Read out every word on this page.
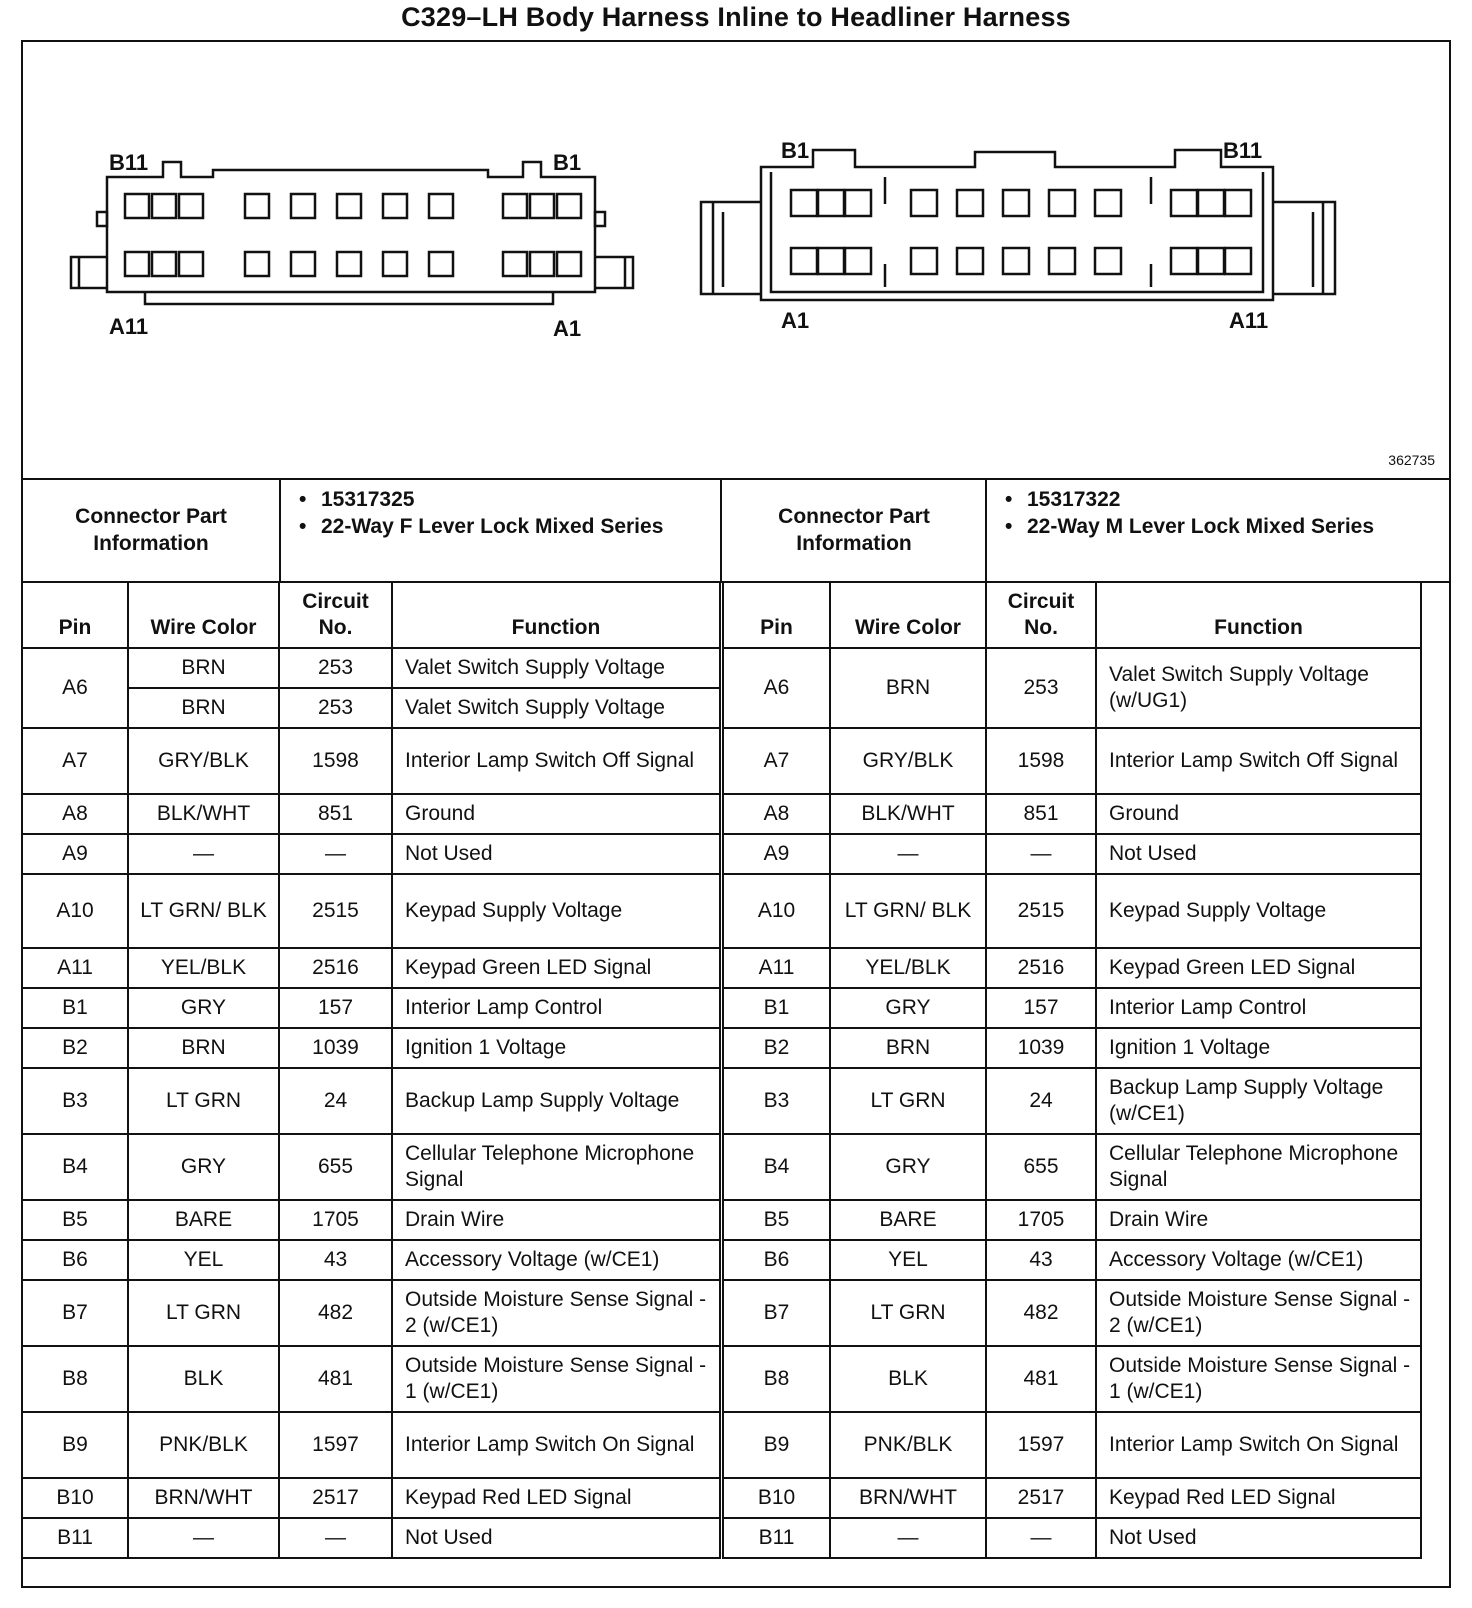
C329–LH Body Harness Inline to Headliner Harness
B11	B1
A11	A1
B1	B11
A1	A11
362735
Connector Part Information
• 15317325
• 22-Way F Lever Lock Mixed Series	Connector Part Information
• 15317322
• 22-Way M Lever Lock Mixed Series
Pin	Wire Color	Circuit No.	Function
A6	BRN	253	Valet Switch Supply Voltage
	BRN	253	Valet Switch Supply Voltage
A7	GRY/BLK	1598	Interior Lamp Switch Off Signal
A8	BLK/WHT	851	Ground
A9	—	—	Not Used
A10	LT GRN/ BLK	2515	Keypad Supply Voltage
A11	YEL/BLK	2516	Keypad Green LED Signal
B1	GRY	157	Interior Lamp Control
B2	BRN	1039	Ignition 1 Voltage
B3	LT GRN	24	Backup Lamp Supply Voltage
B4	GRY	655	Cellular Telephone Microphone Signal
B5	BARE	1705	Drain Wire
B6	YEL	43	Accessory Voltage (w/CE1)
B7	LT GRN	482	Outside Moisture Sense Signal - 2 (w/CE1)
B8	BLK	481	Outside Moisture Sense Signal - 1 (w/CE1)
B9	PNK/BLK	1597	Interior Lamp Switch On Signal
B10	BRN/WHT	2517	Keypad Red LED Signal
B11	—	—	Not Used
Pin	Wire Color	Circuit No.	Function
A6	BRN	253	Valet Switch Supply Voltage (w/UG1)
A7	GRY/BLK	1598	Interior Lamp Switch Off Signal
A8	BLK/WHT	851	Ground
A9	—	—	Not Used
A10	LT GRN/ BLK	2515	Keypad Supply Voltage
A11	YEL/BLK	2516	Keypad Green LED Signal
B1	GRY	157	Interior Lamp Control
B2	BRN	1039	Ignition 1 Voltage
B3	LT GRN	24	Backup Lamp Supply Voltage (w/CE1)
B4	GRY	655	Cellular Telephone Microphone Signal
B5	BARE	1705	Drain Wire
B6	YEL	43	Accessory Voltage (w/CE1)
B7	LT GRN	482	Outside Moisture Sense Signal - 2 (w/CE1)
B8	BLK	481	Outside Moisture Sense Signal - 1 (w/CE1)
B9	PNK/BLK	1597	Interior Lamp Switch On Signal
B10	BRN/WHT	2517	Keypad Red LED Signal
B11	—	—	Not Used
